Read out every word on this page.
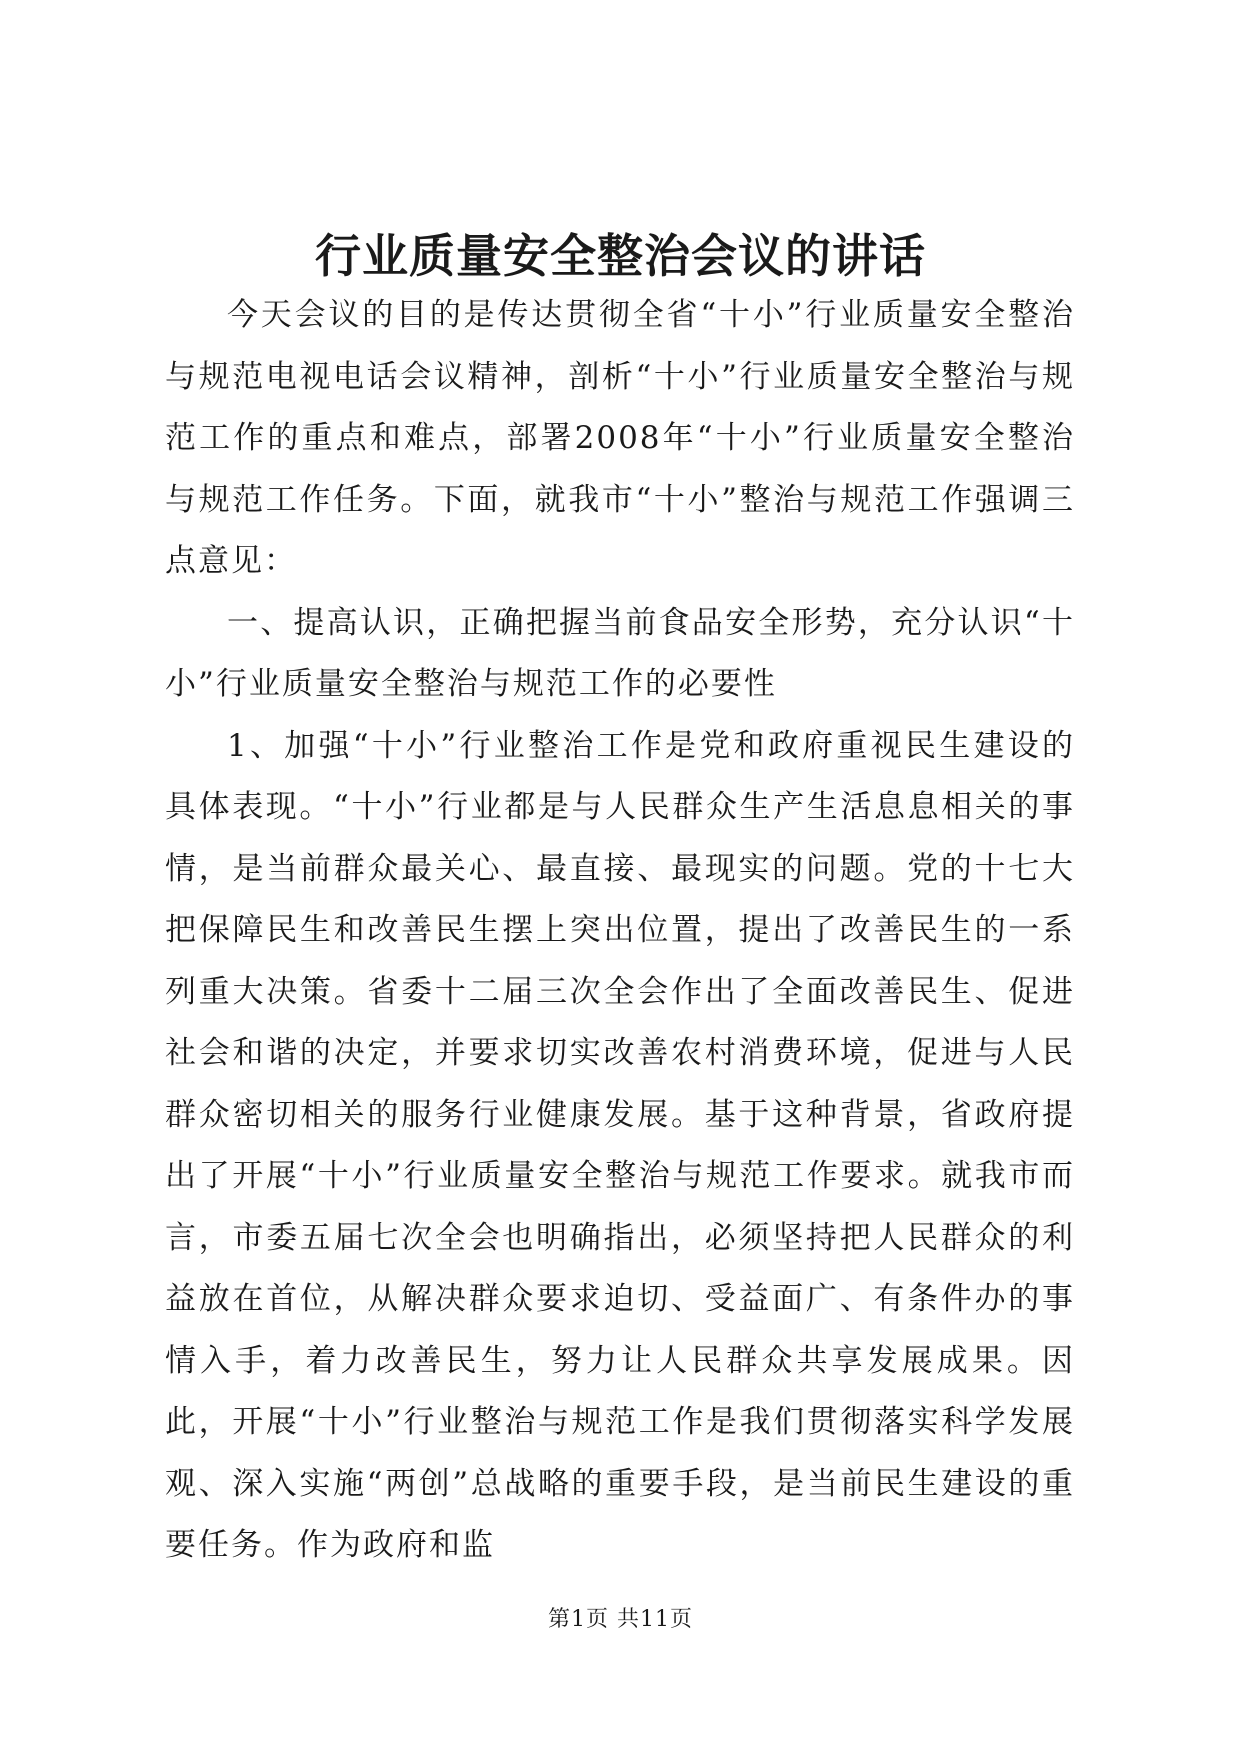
行业质量安全整治会议的讲话

今天会议的目的是传达贯彻全省“十小”行业质量安全整治与规范电视电话会议精神，剖析“十小”行业质量安全整治与规范工作的重点和难点，部署2008年“十小”行业质量安全整治与规范工作任务。下面，就我市“十小”整治与规范工作强调三点意见：

一、提高认识，正确把握当前食品安全形势，充分认识“十小”行业质量安全整治与规范工作的必要性

1、加强“十小”行业整治工作是党和政府重视民生建设的具体表现。“十小”行业都是与人民群众生产生活息息相关的事情，是当前群众最关心、最直接、最现实的问题。党的十七大把保障民生和改善民生摆上突出位置，提出了改善民生的一系列重大决策。省委十二届三次全会作出了全面改善民生、促进社会和谐的决定，并要求切实改善农村消费环境，促进与人民群众密切相关的服务行业健康发展。基于这种背景，省政府提出了开展“十小”行业质量安全整治与规范工作要求。就我市而言，市委五届七次全会也明确指出，必须坚持把人民群众的利益放在首位，从解决群众要求迫切、受益面广、有条件办的事情入手，着力改善民生，努力让人民群众共享发展成果。因此，开展“十小”行业整治与规范工作是我们贯彻落实科学发展观、深入实施“两创”总战略的重要手段，是当前民生建设的重要任务。作为政府和监

第1页 共11页
